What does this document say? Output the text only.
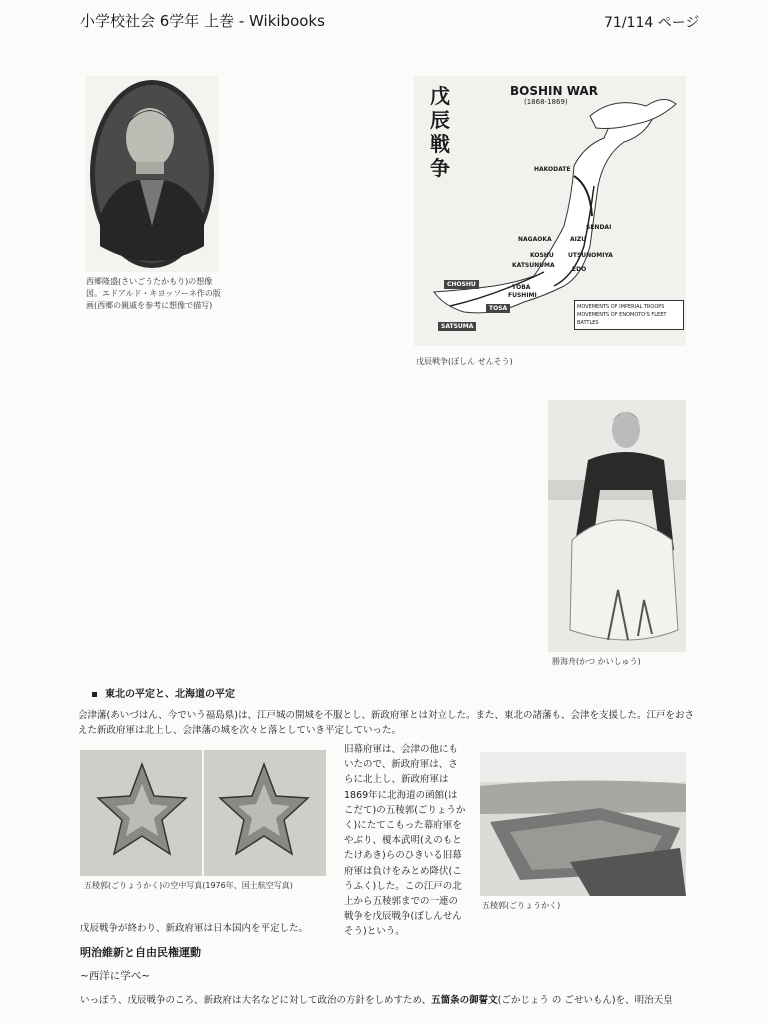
小学校社会 6学年 上巻 - Wikibooks	71/114 ページ
西郷隆盛(さいごうたかもり)の想像図。エドアルド・キヨッソーネ作の版画(西郷の親戚を参考に想像で描写)
戊
辰
戦
争
BOSHIN WAR
(1868-1869)
HAKODATE
SENDAI
AIZU
NAGAOKA
KOSHU UTSUNOMIYA
KATSUNUMA
EDO
TOBA
FUSHIMI
CHOSHU
TOSA
SATSUMA
MOVEMENTS OF IMPERIAL TROOPS
MOVEMENTS OF ENOMOTO'S FLEET
BATTLES
戊辰戦争(ぼしん せんそう)
勝海舟(かつ かいしゅう)
東北の平定と、北海道の平定
会津藩(あいづはん、今でいう福島県)は、江戸城の開城を不服とし、新政府軍とは対立した。また、東北の諸藩も、会津を支援した。江戸をおさえた新政府軍は北上し、会津藩の城を次々と落としていき平定していった。
五稜郭(ごりょうかく)の空中写真(1976年、国土航空写真)
旧幕府軍は、会津の他にもいたので、新政府軍は、さらに北上し、新政府軍は1869年に北海道の函館(はこだて)の五稜郭(ごりょうかく)にたてこもった幕府軍をやぶり、榎本武明(えのもとたけあき)らのひきいる旧幕府軍は負けをみとめ降伏(こうふく)した。この江戸の北上から五稜郭までの一連の戦争を戊辰戦争(ぼしんせんそう)という。
五稜郭(ごりょうかく)
戊辰戦争が終わり、新政府軍は日本国内を平定した。
明治維新と自由民権運動
~西洋に学べ~
いっぽう、戊辰戦争のころ、新政府は大名などに対して政治の方針をしめすため、五箇条の御誓文(ごかじょう の ごせいもん)を、明治天皇
